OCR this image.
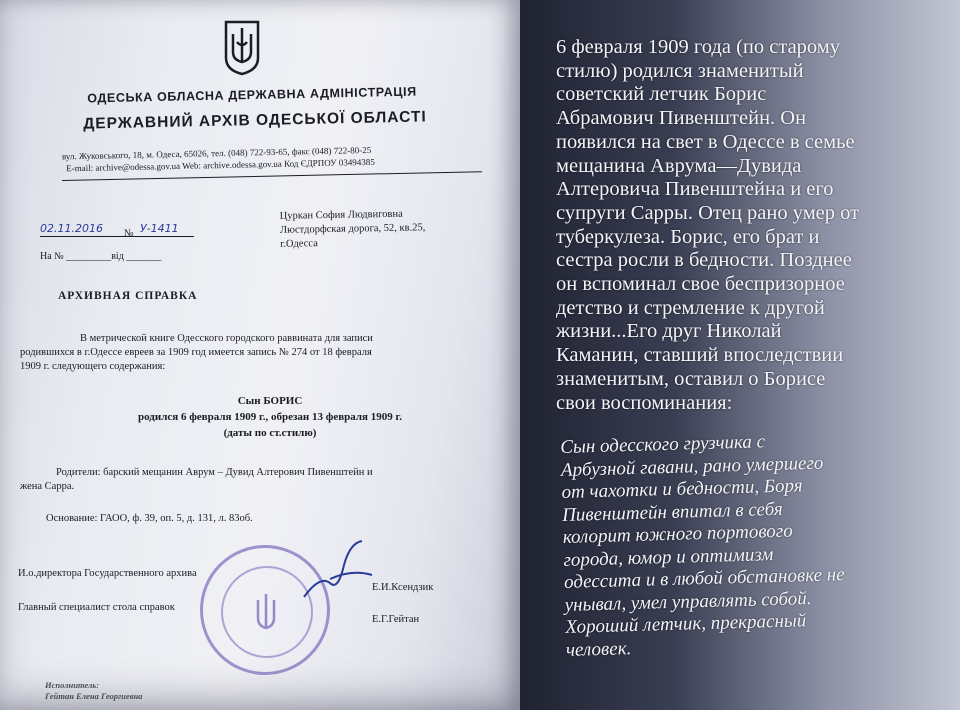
ОДЕСЬКА ОБЛАСНА ДЕРЖАВНА АДМІНІСТРАЦІЯ
ДЕРЖАВНИЙ АРХІВ ОДЕСЬКОЇ ОБЛАСТІ
вул. Жуковського, 18, м. Одеса, 65026, тел. (048) 722-93-65, факс (048) 722-80-25
E-mail: archive@odessa.gov.ua Web: archive.odessa.gov.ua Код ЄДРПОУ 03494385
02.11.2016 № У-1411
На № _________від _______
Цуркан София Людвиговна
Люстдорфская дорога, 52, кв.25,
г.Одесса
АРХИВНАЯ СПРАВКА
В метрической книге Одесского городского раввината для записи
родившихся в г.Одессе евреев за 1909 год имеется запись № 274 от 18 февраля
1909 г. следующего содержания:
Сын БОРИС
родился 6 февраля 1909 г., обрезан 13 февраля 1909 г.
(даты по ст.стилю)
Родители: барский мещанин Аврум – Дувид Алтерович Пивенштейн и
жена Сарра.
Основание: ГАОО, ф. 39, оп. 5, д. 131, л. 83об.
И.о.директора Государственного архива
Е.И.Ксендзик
Главный специалист стола справок
Е.Г.Гейтан
Исполнитель:
Гейтан Елена Георгиевна
6 февраля 1909 года (по старому
стилю) родился знаменитый
советский летчик Борис
Абрамович Пивенштейн. Он
появился на свет в Одессе в семье
мещанина Аврума—Дувида
Алтеровича Пивенштейна и его
супруги Сарры. Отец рано умер от
туберкулеза. Борис, его брат и
сестра росли в бедности. Позднее
он вспоминал свое беспризорное
детство и стремление к другой
жизни...Его друг Николай
Каманин, ставший впоследствии
знаменитым, оставил о Борисе
свои воспоминания:
Сын одесского грузчика с
Арбузной гавани, рано умершего
от чахотки и бедности, Боря
Пивенштейн впитал в себя
колорит южного портового
города, юмор и оптимизм
одессита и в любой обстановке не
унывал, умел управлять собой.
Хороший летчик, прекрасный
человек.
